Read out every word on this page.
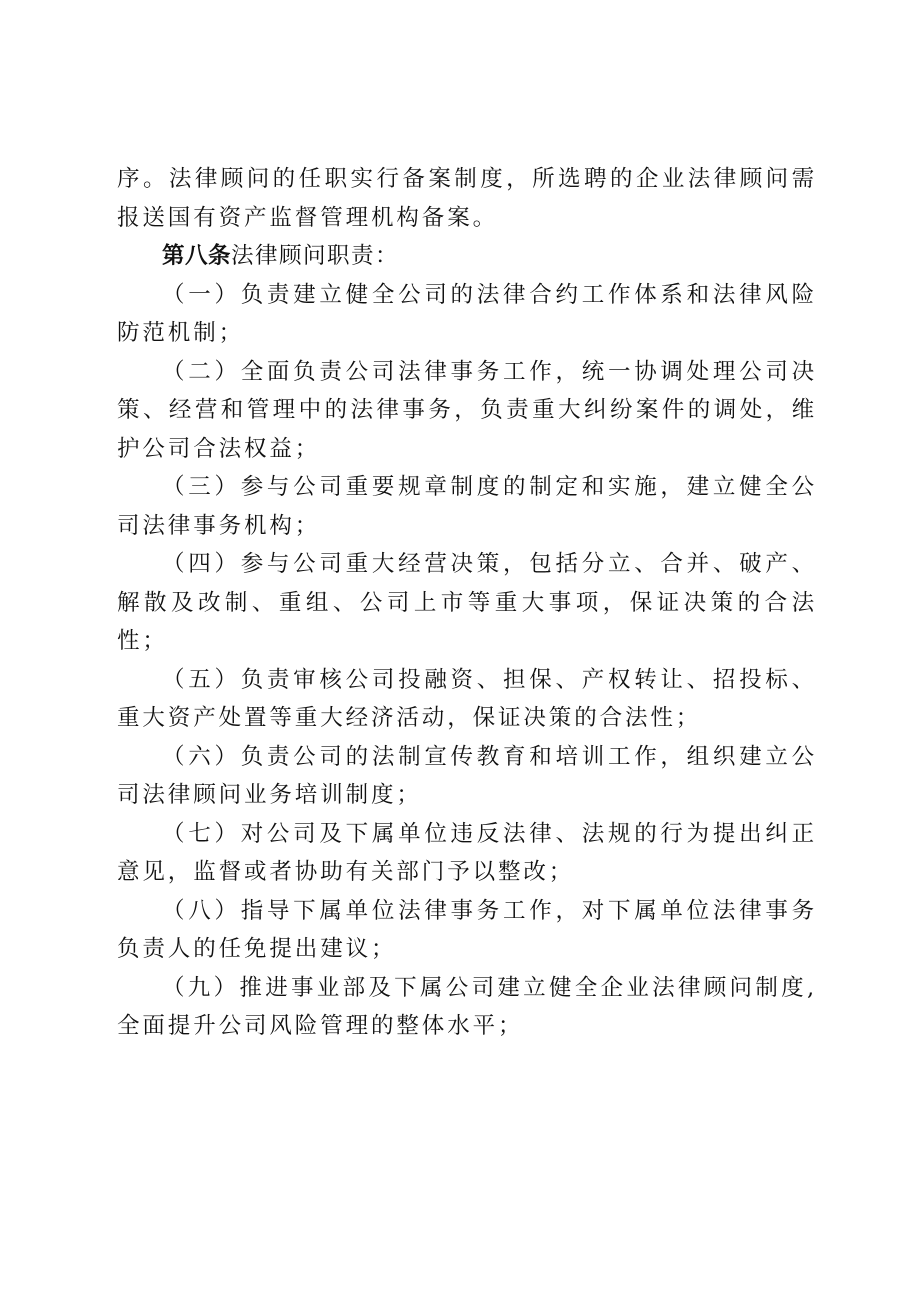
序。法律顾问的任职实行备案制度，所选聘的企业法律顾问需报送国有资产监督管理机构备案。

第八条法律顾问职责：

（一）负责建立健全公司的法律合约工作体系和法律风险防范机制；

（二）全面负责公司法律事务工作，统一协调处理公司决策、经营和管理中的法律事务，负责重大纠纷案件的调处，维护公司合法权益；

（三）参与公司重要规章制度的制定和实施，建立健全公司法律事务机构；

（四）参与公司重大经营决策，包括分立、合并、破产、解散及改制、重组、公司上市等重大事项，保证决策的合法性；

（五）负责审核公司投融资、担保、产权转让、招投标、重大资产处置等重大经济活动，保证决策的合法性；

（六）负责公司的法制宣传教育和培训工作，组织建立公司法律顾问业务培训制度；

（七）对公司及下属单位违反法律、法规的行为提出纠正意见，监督或者协助有关部门予以整改；

（八）指导下属单位法律事务工作，对下属单位法律事务负责人的任免提出建议；

（九）推进事业部及下属公司建立健全企业法律顾问制度,全面提升公司风险管理的整体水平；
